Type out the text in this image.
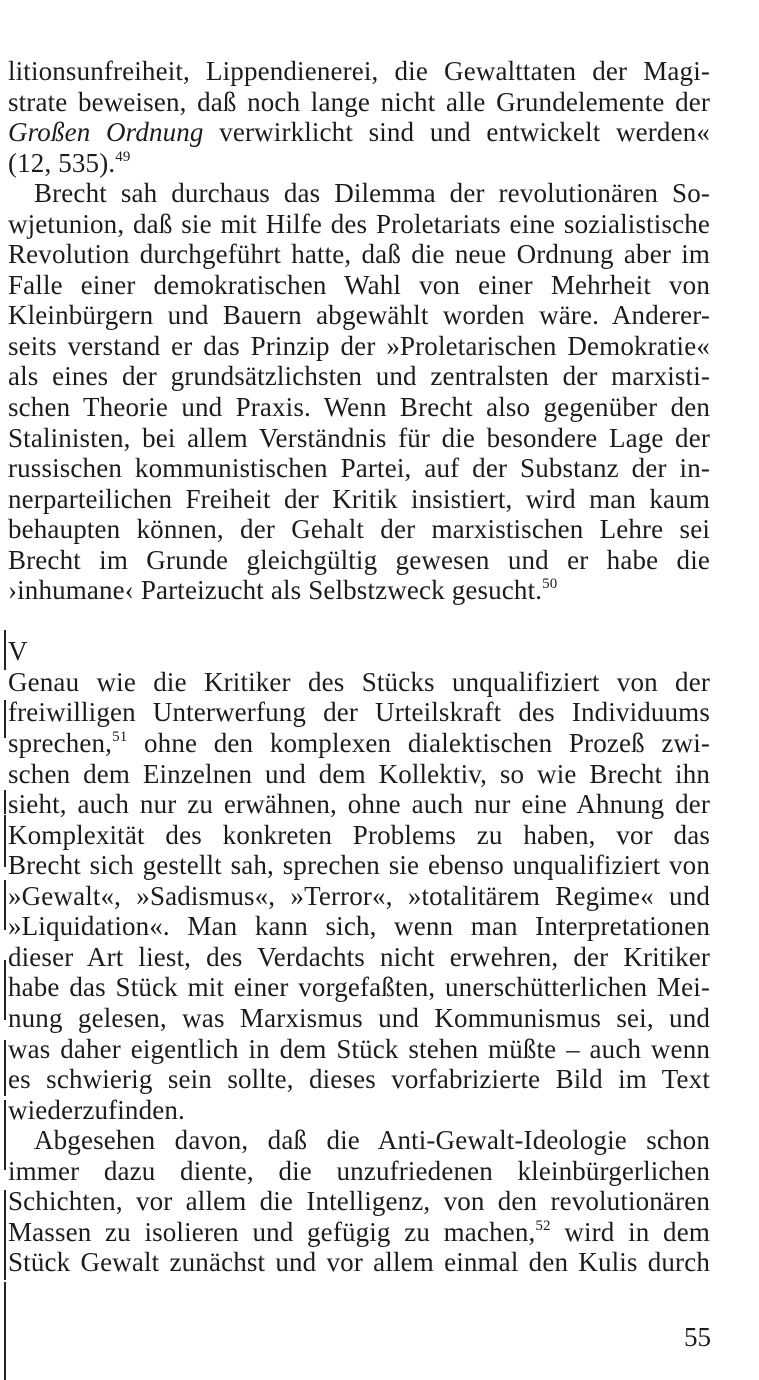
litionsunfreiheit, Lippendienerei, die Gewalttaten der Magi-

strate beweisen, daß noch lange nicht alle Grundelemente der

Großen Ordnung verwirklicht sind und entwickelt werden«

(12, 535).$^{49}$

Brecht sah durchaus das Dilemma der revolutionären So-

wjetunion, daß sie mit Hilfe des Proletariats eine sozialistische

Revolution durchgeführt hatte, daß die neue Ordnung aber im

Falle einer demokratischen Wahl von einer Mehrheit von

Kleinbürgern und Bauern abgewählt worden wäre. Anderer-

seits verstand er das Prinzip der »Proletarischen Demokratie«

als eines der grundsätzlichsten und zentralsten der marxisti-

schen Theorie und Praxis. Wenn Brecht also gegenüber den

Stalinisten, bei allem Verständnis für die besondere Lage der

russischen kommunistischen Partei, auf der Substanz der in-

nerparteilichen Freiheit der Kritik insistiert, wird man kaum

behaupten können, der Gehalt der marxistischen Lehre sei

Brecht im Grunde gleichgültig gewesen und er habe die

›inhumane‹ Parteizucht als Selbstzweck gesucht.$^{50}$

V

Genau wie die Kritiker des Stücks unqualifiziert von der

freiwilligen Unterwerfung der Urteilskraft des Individuums

sprechen,$^{51}$ ohne den komplexen dialektischen Prozeß zwi-

schen dem Einzelnen und dem Kollektiv, so wie Brecht ihn

sieht, auch nur zu erwähnen, ohne auch nur eine Ahnung der

Komplexität des konkreten Problems zu haben, vor das

Brecht sich gestellt sah, sprechen sie ebenso unqualifiziert von

»Gewalt«, »Sadismus«, »Terror«, »totalitärem Regime« und

»Liquidation«. Man kann sich, wenn man Interpretationen

dieser Art liest, des Verdachts nicht erwehren, der Kritiker

habe das Stück mit einer vorgefaßten, unerschütterlichen Mei-

nung gelesen, was Marxismus und Kommunismus sei, und

was daher eigentlich in dem Stück stehen müßte – auch wenn

es schwierig sein sollte, dieses vorfabrizierte Bild im Text

wiederzufinden.

Abgesehen davon, daß die Anti-Gewalt-Ideologie schon

immer dazu diente, die unzufriedenen kleinbürgerlichen

Schichten, vor allem die Intelligenz, von den revolutionären

Massen zu isolieren und gefügig zu machen,$^{52}$ wird in dem

Stück Gewalt zunächst und vor allem einmal den Kulis durch

55
